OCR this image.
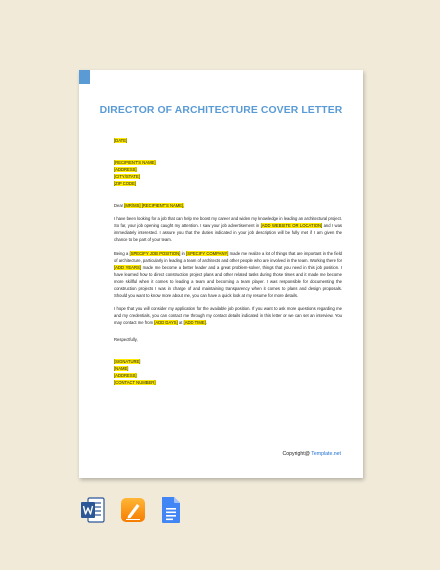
DIRECTOR OF ARCHITECTURE COVER LETTER
[DATE]
[RECIPIENT'S NAME]
[ADDRESS]
[CITY/STATE]
[ZIP CODE]
Dear [MR/MS] [RECIPIENT'S NAME],
I have been looking for a job that can help me boost my career and widen my knowledge in leading an architectural project. So far, your job opening caught my attention. I saw your job advertisement in [ADD WEBSITE OR LOCATION] and I was immediately interested. I assure you that the duties indicated in your job description will be fully met if I am given the chance to be part of your team.
Being a [SPECIFY JOB POSITION] in [SPECIFY COMPANY] made me realize a lot of things that are important in the field of architecture, particularly in leading a team of architects and other people who are involved in the team. Working there for [ADD YEARS] made me become a better leader and a great problem-solver, things that you need in this job position. I have learned how to direct construction project plans and other related tasks during those times and it made me become more skillful when it comes to leading a team and becoming a team player. I was responsible for documenting the construction projects I was in charge of and maintaining transparency when it comes to plans and design proposals. Should you want to know more about me, you can have a quick look at my resume for more details.
I hope that you will consider my application for the available job position. If you want to ask more questions regarding me and my credentials, you can contact me through my contact details indicated in this letter or we can set an interview. You may contact me from [ADD DAYS] at [ADD TIME].
Respectfully,
[SIGNATURE]
[NAME]
[ADDRESS]
[CONTACT NUMBER]
Copyright@ Template.net
